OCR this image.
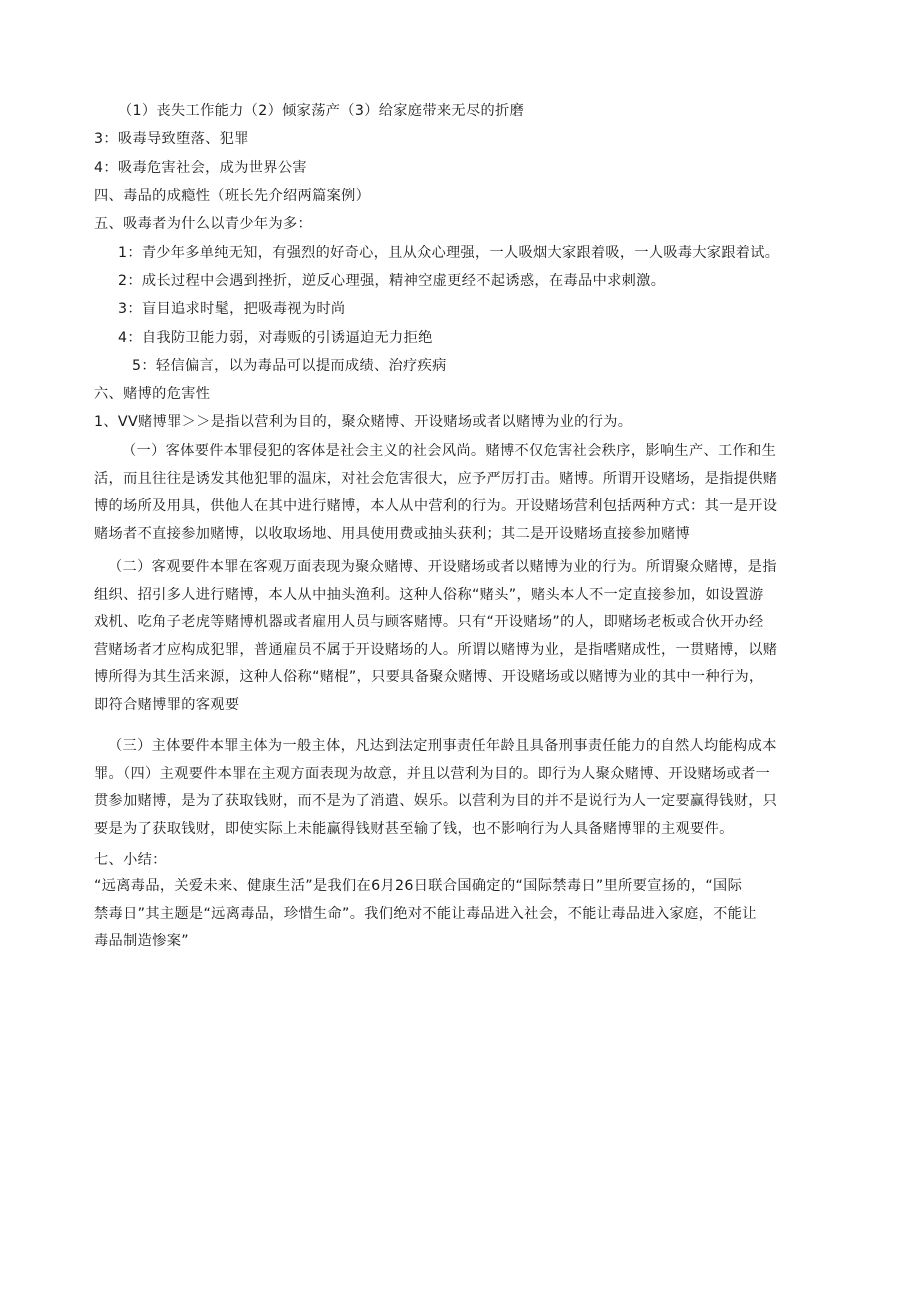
（1）丧失工作能力（2）倾家荡产（3）给家庭带来无尽的折磨
3：吸毒导致堕落、犯罪
4：吸毒危害社会，成为世界公害
四、毒品的成瘾性（班长先介绍两篇案例）
五、吸毒者为什么以青少年为多：
1：青少年多单纯无知，有强烈的好奇心，且从众心理强，一人吸烟大家跟着吸，一人吸毒大家跟着试。
2：成长过程中会遇到挫折，逆反心理强，精神空虚更经不起诱惑，在毒品中求刺激。
3：盲目追求时髦，把吸毒视为时尚
4：自我防卫能力弱，对毒贩的引诱逼迫无力拒绝
5：轻信偏言，以为毒品可以提而成绩、治疗疾病
六、赌博的危害性
1、VV赌博罪＞＞是指以营利为目的，聚众赌博、开设赌场或者以赌博为业的行为。
（一）客体要件本罪侵犯的客体是社会主义的社会风尚。赌博不仅危害社会秩序，影响生产、工作和生
活，而且往往是诱发其他犯罪的温床，对社会危害很大，应予严厉打击。赌博。所谓开设赌场，是指提供赌
博的场所及用具，供他人在其中进行赌博，本人从中营利的行为。开设赌场营利包括两种方式：其一是开设
赌场者不直接参加赌博，以收取场地、用具使用费或抽头获利；其二是开设赌场直接参加赌博
（二）客观要件本罪在客观万面表现为聚众赌博、开设赌场或者以赌博为业的行为。所谓聚众赌博，是指
组织、招引多人进行赌博，本人从中抽头渔利。这种人俗称“赌头”，赌头本人不一定直接参加，如设置游
戏机、吃角子老虎等赌博机器或者雇用人员与顾客赌博。只有“开设赌场”的人，即赌场老板或合伙开办经
营赌场者才应构成犯罪，普通雇员不属于开设赌场的人。所谓以赌博为业，是指嗜赌成性，一贯赌博，以赌
博所得为其生活来源，这种人俗称“赌棍”，只要具备聚众赌博、开设赌场或以赌博为业的其中一种行为，
即符合赌博罪的客观要
（三）主体要件本罪主体为一般主体，凡达到法定刑事责任年龄且具备刑事责任能力的自然人均能构成本
罪。（四）主观要件本罪在主观方面表现为故意，并且以营利为目的。即行为人聚众赌博、开设赌场或者一
贯参加赌博，是为了获取钱财，而不是为了消遣、娱乐。以营利为目的并不是说行为人一定要赢得钱财，只
要是为了获取钱财，即使实际上未能赢得钱财甚至输了钱，也不影响行为人具备赌博罪的主观要件。
七、小结：
“远离毒品，关爱未来、健康生活”是我们在6月26日联合国确定的“国际禁毒日”里所要宣扬的，“国际
禁毒日”其主题是“远离毒品，珍惜生命”。我们绝对不能让毒品进入社会，不能让毒品进入家庭，不能让
毒品制造惨案”
